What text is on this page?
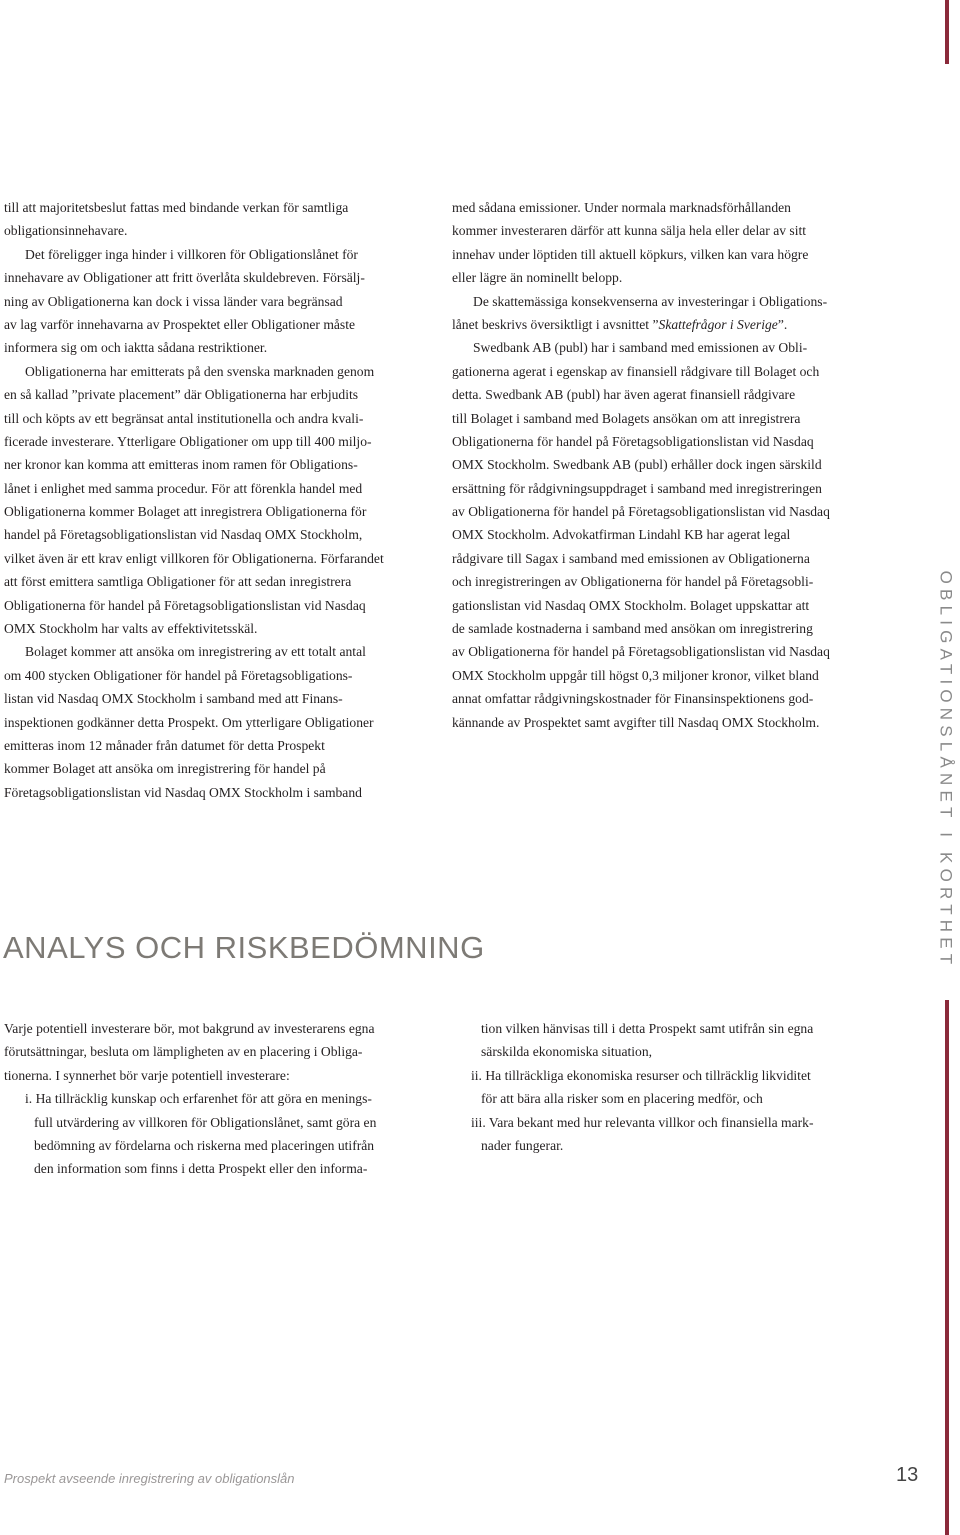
OBLIGATIONSLÅNET I KORTHET
till att majoritetsbeslut fattas med bindande verkan för samtliga
obligationsinnehavare.
Det föreligger inga hinder i villkoren för Obligationslånet för
innehavare av Obligationer att fritt överlåta skuldebreven. Försälj-
ning av Obligationerna kan dock i vissa länder vara begränsad
av lag varför innehavarna av Prospektet eller Obligationer måste
informera sig om och iaktta sådana restriktioner.
Obligationerna har emitterats på den svenska marknaden genom
en så kallad ”private placement” där Obligationerna har erbjudits
till och köpts av ett begränsat antal institutionella och andra kvali-
ficerade investerare. Ytterligare Obligationer om upp till 400 miljo-
ner kronor kan komma att emitteras inom ramen för Obligations-
lånet i enlighet med samma procedur. För att förenkla handel med
Obligationerna kommer Bolaget att inregistrera Obligationerna för
handel på Företagsobligationslistan vid Nasdaq OMX Stockholm,
vilket även är ett krav enligt villkoren för Obligationerna. Förfarandet
att först emittera samtliga Obligationer för att sedan inregistrera
Obligationerna för handel på Företagsobligationslistan vid Nasdaq
OMX Stockholm har valts av effektivitetsskäl.
Bolaget kommer att ansöka om inregistrering av ett totalt antal
om 400 stycken Obligationer för handel på Företagsobligations-
listan vid Nasdaq OMX Stockholm i samband med att Finans-
inspektionen godkänner detta Prospekt. Om ytterligare Obligationer
emitteras inom 12 månader från datumet för detta Prospekt
kommer Bolaget att ansöka om inregistrering för handel på
Företagsobligationslistan vid Nasdaq OMX Stockholm i samband
med sådana emissioner. Under normala marknadsförhållanden
kommer investeraren därför att kunna sälja hela eller delar av sitt
innehav under löptiden till aktuell köpkurs, vilken kan vara högre
eller lägre än nominellt belopp.
De skattemässiga konsekvenserna av investeringar i Obligations-
lånet beskrivs översiktligt i avsnittet ”Skattefrågor i Sverige”.
Swedbank AB (publ) har i samband med emissionen av Obli-
gationerna agerat i egenskap av finansiell rådgivare till Bolaget och
detta. Swedbank AB (publ) har även agerat finansiell rådgivare
till Bolaget i samband med Bolagets ansökan om att inregistrera
Obligationerna för handel på Företagsobligationslistan vid Nasdaq
OMX Stockholm. Swedbank AB (publ) erhåller dock ingen särskild
ersättning för rådgivningsuppdraget i samband med inregistreringen
av Obligationerna för handel på Företagsobligationslistan vid Nasdaq
OMX Stockholm. Advokatfirman Lindahl KB har agerat legal
rådgivare till Sagax i samband med emissionen av Obligationerna
och inregistreringen av Obligationerna för handel på Företagsobli-
gationslistan vid Nasdaq OMX Stockholm. Bolaget uppskattar att
de samlade kostnaderna i samband med ansökan om inregistrering
av Obligationerna för handel på Företagsobligationslistan vid Nasdaq
OMX Stockholm uppgår till högst 0,3 miljoner kronor, vilket bland
annat omfattar rådgivningskostnader för Finansinspektionens god-
kännande av Prospektet samt avgifter till Nasdaq OMX Stockholm.
ANALYS OCH RISKBEDÖMNING
Varje potentiell investerare bör, mot bakgrund av investerarens egna
förutsättningar, besluta om lämpligheten av en placering i Obliga-
tionerna. I synnerhet bör varje potentiell investerare:
i. Ha tillräcklig kunskap och erfarenhet för att göra en menings-
full utvärdering av villkoren för Obligationslånet, samt göra en
bedömning av fördelarna och riskerna med placeringen utifrån
den information som finns i detta Prospekt eller den informa-
tion vilken hänvisas till i detta Prospekt samt utifrån sin egna
särskilda ekonomiska situation,
ii. Ha tillräckliga ekonomiska resurser och tillräcklig likviditet
för att bära alla risker som en placering medför, och
iii. Vara bekant med hur relevanta villkor och finansiella mark-
nader fungerar.
Prospekt avseende inregistrering av obligationslån	13
